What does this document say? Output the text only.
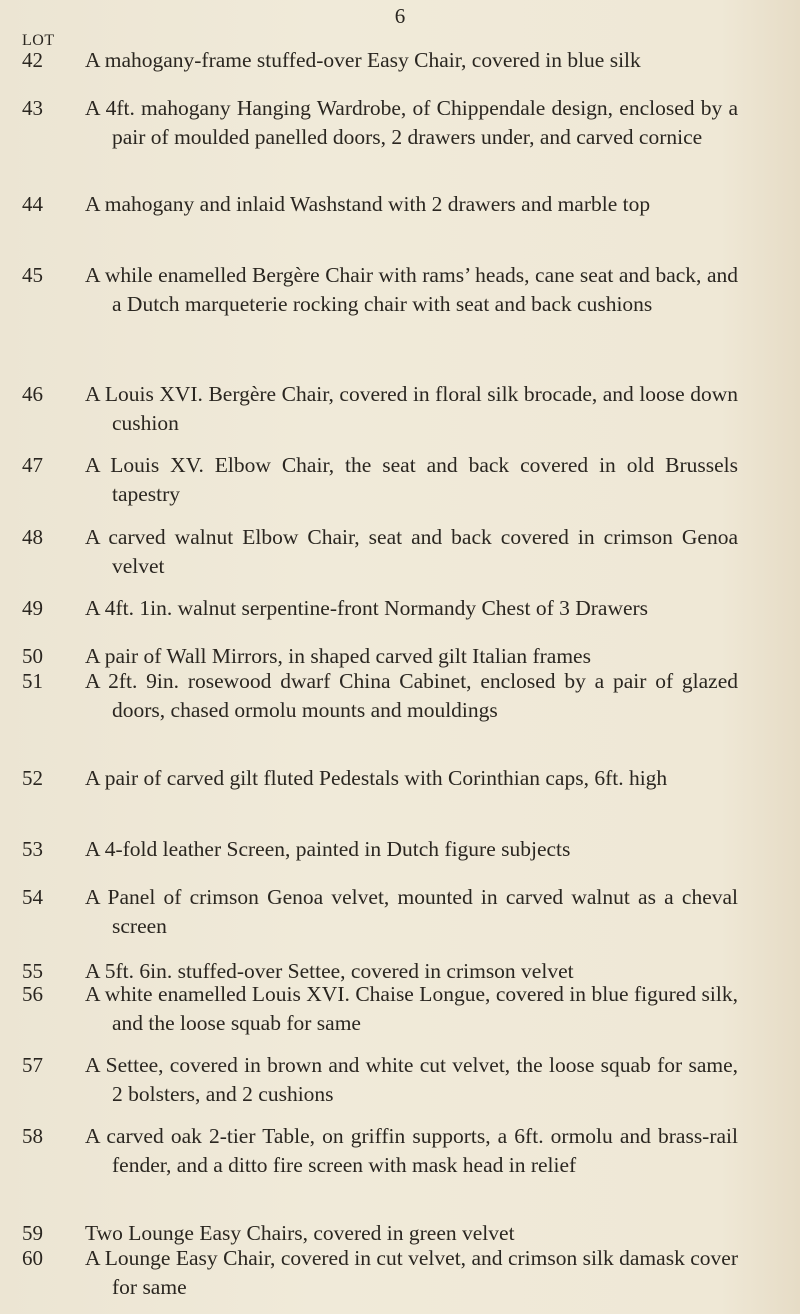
6
LOT
42 A mahogany-frame stuffed-over Easy Chair, covered in blue silk
43 A 4ft. mahogany Hanging Wardrobe, of Chippendale design, enclosed by a pair of moulded panelled doors, 2 drawers under, and carved cornice
44 A mahogany and inlaid Washstand with 2 drawers and marble top
45 A while enamelled Bergère Chair with rams’ heads, cane seat and back, and a Dutch marqueterie rocking chair with seat and back cushions
46 A Louis XVI. Bergère Chair, covered in floral silk brocade, and loose down cushion
47 A Louis XV. Elbow Chair, the seat and back covered in old Brussels tapestry
48 A carved walnut Elbow Chair, seat and back covered in crimson Genoa velvet
49 A 4ft. 1in. walnut serpentine-front Normandy Chest of 3 Drawers
50 A pair of Wall Mirrors, in shaped carved gilt Italian frames
51 A 2ft. 9in. rosewood dwarf China Cabinet, enclosed by a pair of glazed doors, chased ormolu mounts and mouldings
52 A pair of carved gilt fluted Pedestals with Corinthian caps, 6ft. high
53 A 4-fold leather Screen, painted in Dutch figure subjects
54 A Panel of crimson Genoa velvet, mounted in carved walnut as a cheval screen
55 A 5ft. 6in. stuffed-over Settee, covered in crimson velvet
56 A white enamelled Louis XVI. Chaise Longue, covered in blue figured silk, and the loose squab for same
57 A Settee, covered in brown and white cut velvet, the loose squab for same, 2 bolsters, and 2 cushions
58 A carved oak 2-tier Table, on griffin supports, a 6ft. ormolu and brass-rail fender, and a ditto fire screen with mask head in relief
59 Two Lounge Easy Chairs, covered in green velvet
60 A Lounge Easy Chair, covered in cut velvet, and crimson silk damask cover for same
